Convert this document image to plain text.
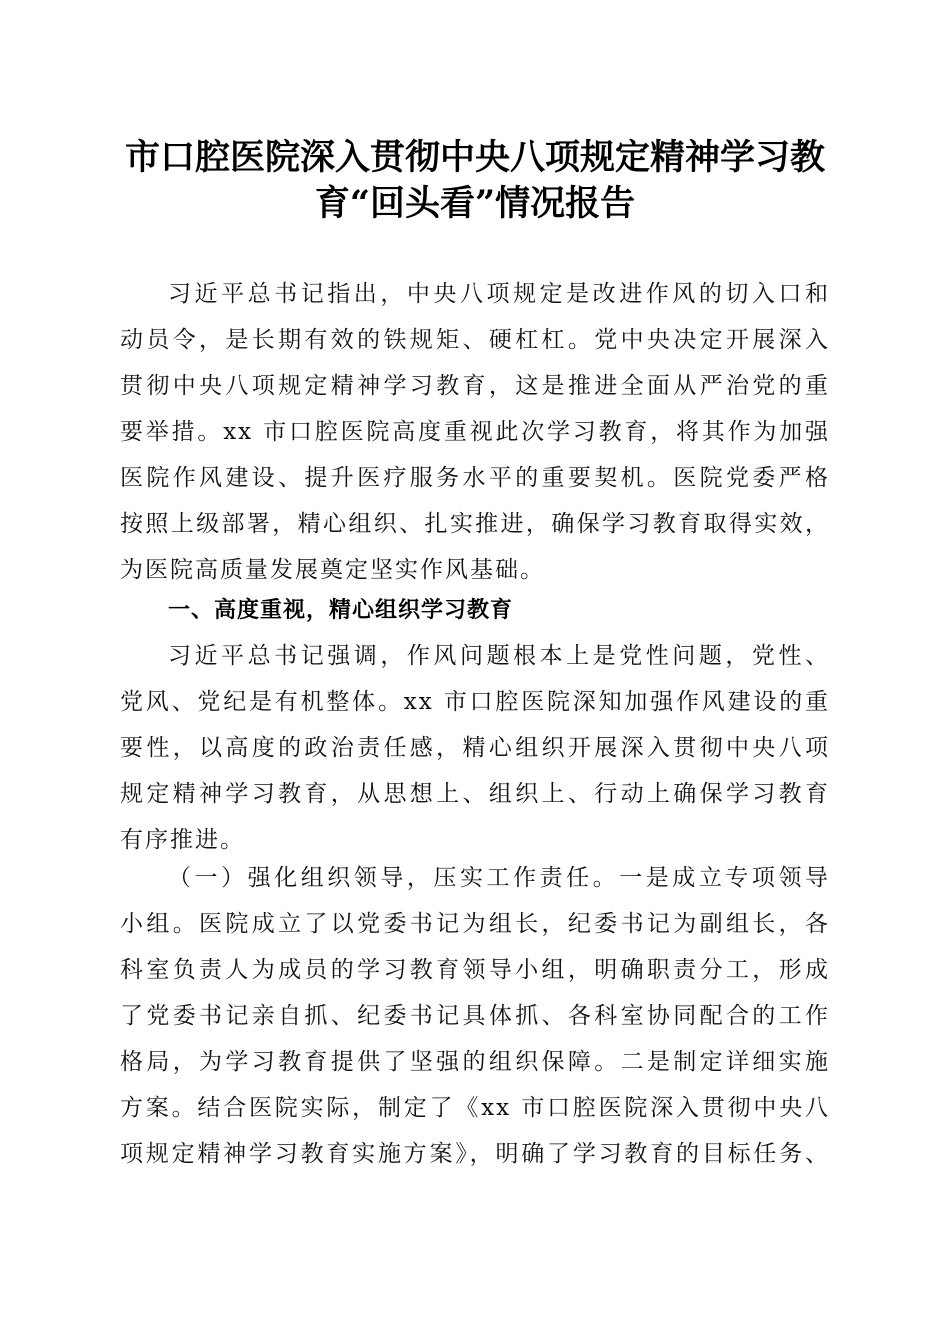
市口腔医院深入贯彻中央八项规定精神学习教
育“回头看”情况报告
习近平总书记指出，中央八项规定是改进作风的切入口和
动员令，是长期有效的铁规矩、硬杠杠。党中央决定开展深入
贯彻中央八项规定精神学习教育，这是推进全面从严治党的重
要举措。xx 市口腔医院高度重视此次学习教育，将其作为加强
医院作风建设、提升医疗服务水平的重要契机。医院党委严格
按照上级部署，精心组织、扎实推进，确保学习教育取得实效，
为医院高质量发展奠定坚实作风基础。
一、高度重视，精心组织学习教育
习近平总书记强调，作风问题根本上是党性问题，党性、
党风、党纪是有机整体。xx 市口腔医院深知加强作风建设的重
要性，以高度的政治责任感，精心组织开展深入贯彻中央八项
规定精神学习教育，从思想上、组织上、行动上确保学习教育
有序推进。
（一）强化组织领导，压实工作责任。一是成立专项领导
小组。医院成立了以党委书记为组长，纪委书记为副组长，各
科室负责人为成员的学习教育领导小组，明确职责分工，形成
了党委书记亲自抓、纪委书记具体抓、各科室协同配合的工作
格局，为学习教育提供了坚强的组织保障。二是制定详细实施
方案。结合医院实际，制定了《xx 市口腔医院深入贯彻中央八
项规定精神学习教育实施方案》，明确了学习教育的目标任务、
